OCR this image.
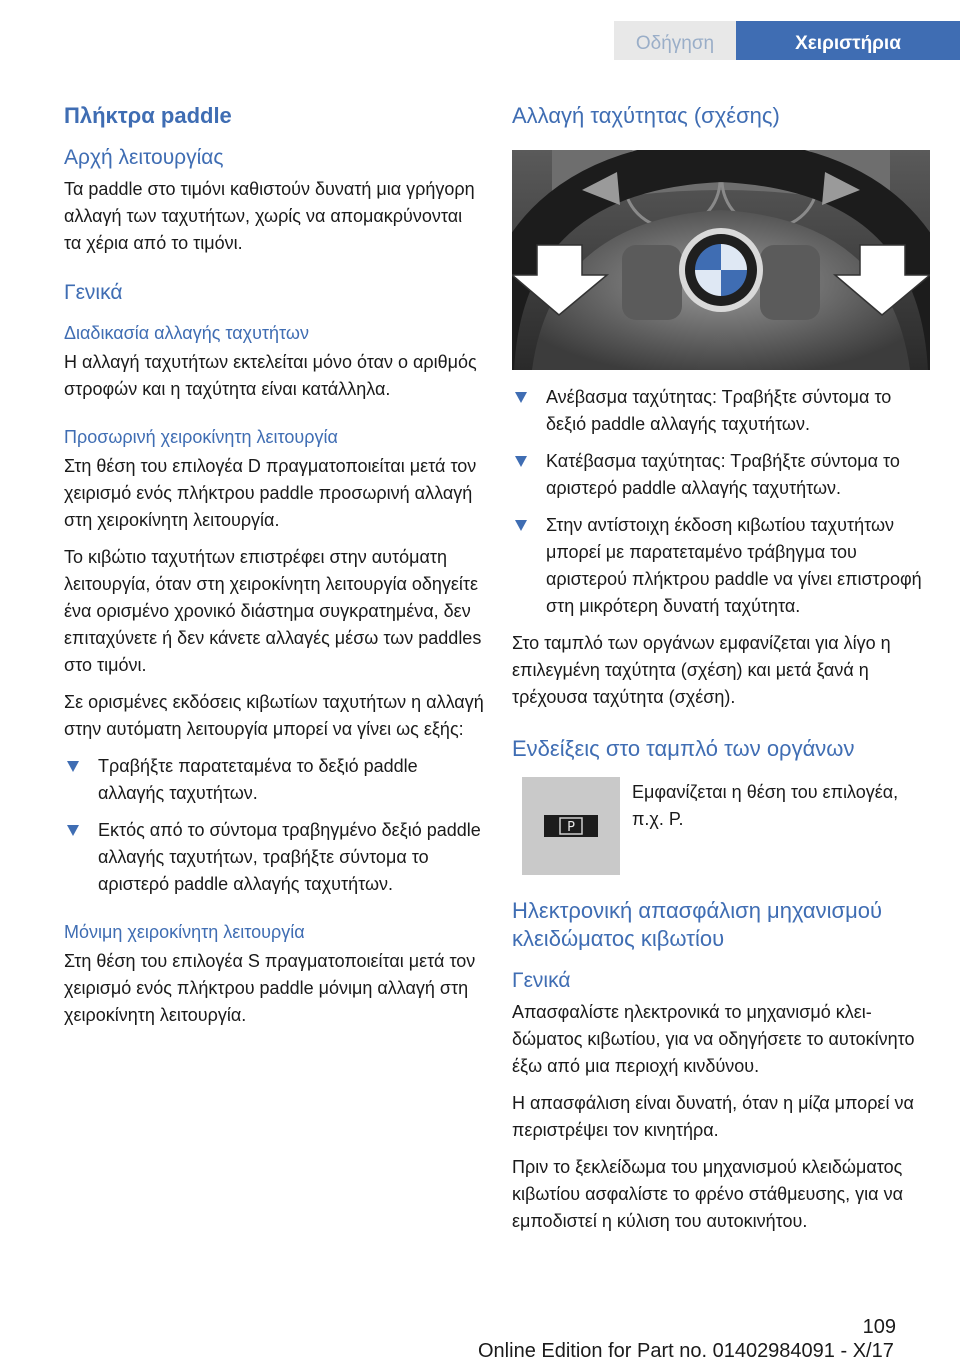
Οδήγηση	Χειριστήρια
Πλήκτρα paddle
Αρχή λειτουργίας

Τα paddle στο τιμόνι καθιστούν δυνατή μια γρήγορη αλλαγή των ταχυτήτων, χωρίς να απομακρύνονται τα χέρια από το τιμόνι.

Γενικά
Διαδικασία αλλαγής ταχυτήτων

Η αλλαγή ταχυτήτων εκτελείται μόνο όταν ο αριθμός στροφών και η ταχύτητα είναι κατάλληλα.

Προσωρινή χειροκίνητη λειτουργία

Στη θέση του επιλογέα D πραγματοποιείται μετά τον χειρισμό ενός πλήκτρου paddle προσωρινή αλλαγή στη χειροκίνητη λειτουργία.

Το κιβώτιο ταχυτήτων επιστρέφει στην αυτόματη λειτουργία, όταν στη χειροκίνητη λειτουργία οδηγείτε ένα ορισμένο χρονικό διάστημα συγκρατημένα, δεν επιταχύνετε ή δεν κάνετε αλλαγές μέσω των paddles στο τιμόνι.

Σε ορισμένες εκδόσεις κιβωτίων ταχυτήτων η αλλαγή στην αυτόματη λειτουργία μπορεί να γίνει ως εξής:

Τραβήξτε παρατεταμένα το δεξιό paddle αλλαγής ταχυτήτων.
Εκτός από το σύντομα τραβηγμένο δεξιό paddle αλλαγής ταχυτήτων, τραβήξτε σύντομα το αριστερό paddle αλλαγής ταχυτήτων.
Μόνιμη χειροκίνητη λειτουργία

Στη θέση του επιλογέα S πραγματοποιείται μετά τον χειρισμό ενός πλήκτρου paddle μόνιμη αλλαγή στη χειροκίνητη λειτουργία.

Αλλαγή ταχύτητας (σχέσης)
Ανέβασμα ταχύτητας: Τραβήξτε σύντομα το δεξιό paddle αλλαγής ταχυτήτων.
Κατέβασμα ταχύτητας: Τραβήξτε σύντομα το αριστερό paddle αλλαγής ταχυτήτων.
Στην αντίστοιχη έκδοση κιβωτίου ταχυτήτων μπορεί με παρατεταμένο τράβηγμα του αριστερού πλήκτρου paddle να γίνει επιστροφή στη μικρότερη δυνατή ταχύτητα.

Στο ταμπλό των οργάνων εμφανίζεται για λίγο η επιλεγμένη ταχύτητα (σχέση) και μετά ξανά η τρέχουσα ταχύτητα (σχέση).

Ενδείξεις στο ταμπλό των οργάνων
P
Εμφανίζεται η θέση του επιλογέα, π.χ. P.
Ηλεκτρονική απασφάλιση μηχανισμού κλειδώματος κιβωτίου
Γενικά

Απασφαλίστε ηλεκτρονικά το μηχανισμό κλειδώματος κιβωτίου, για να οδηγήσετε το αυτοκίνητο έξω από μια περιοχή κινδύνου.

Η απασφάλιση είναι δυνατή, όταν η μίζα μπορεί να περιστρέψει τον κινητήρα.

Πριν το ξεκλείδωμα του μηχανισμού κλειδώματος κιβωτίου ασφαλίστε το φρένο στάθμευσης, για να εμποδιστεί η κύλιση του αυτοκινήτου.

109
Online Edition for Part no. 01402984091 - X/17
